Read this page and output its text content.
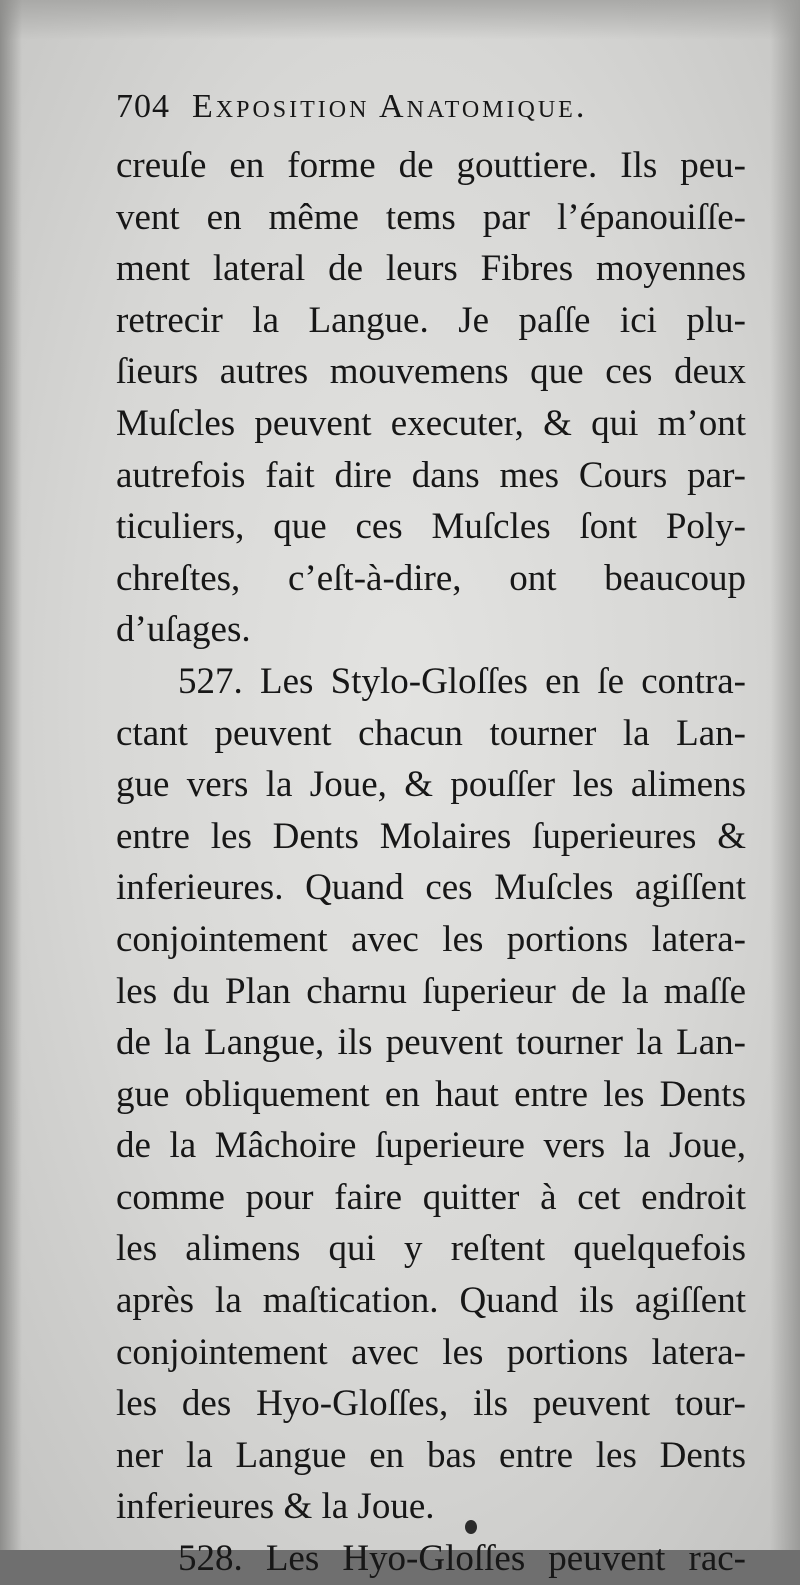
704 Exposition Anatomique.
creuſe en forme de gouttiere. Ils peu-
vent en même tems par l’épanouiſſe-
ment lateral de leurs Fibres moyennes
retrecir la Langue. Je paſſe ici plu-
ſieurs autres mouvemens que ces deux
Muſcles peuvent executer, & qui m’ont
autrefois fait dire dans mes Cours par-
ticuliers, que ces Muſcles ſont Poly-
chreſtes, c’eſt-à-dire, ont beaucoup
d’uſages.
527. Les Stylo-Gloſſes en ſe contra-
ctant peuvent chacun tourner la Lan-
gue vers la Joue, & pouſſer les alimens
entre les Dents Molaires ſuperieures &
inferieures. Quand ces Muſcles agiſſent
conjointement avec les portions latera-
les du Plan charnu ſuperieur de la maſſe
de la Langue, ils peuvent tourner la Lan-
gue obliquement en haut entre les Dents
de la Mâchoire ſuperieure vers la Joue,
comme pour faire quitter à cet endroit
les alimens qui y reſtent quelquefois
après la maſtication. Quand ils agiſſent
conjointement avec les portions latera-
les des Hyo-Gloſſes, ils peuvent tour-
ner la Langue en bas entre les Dents
inferieures & la Joue.
528. Les Hyo-Gloſſes peuvent rac-
